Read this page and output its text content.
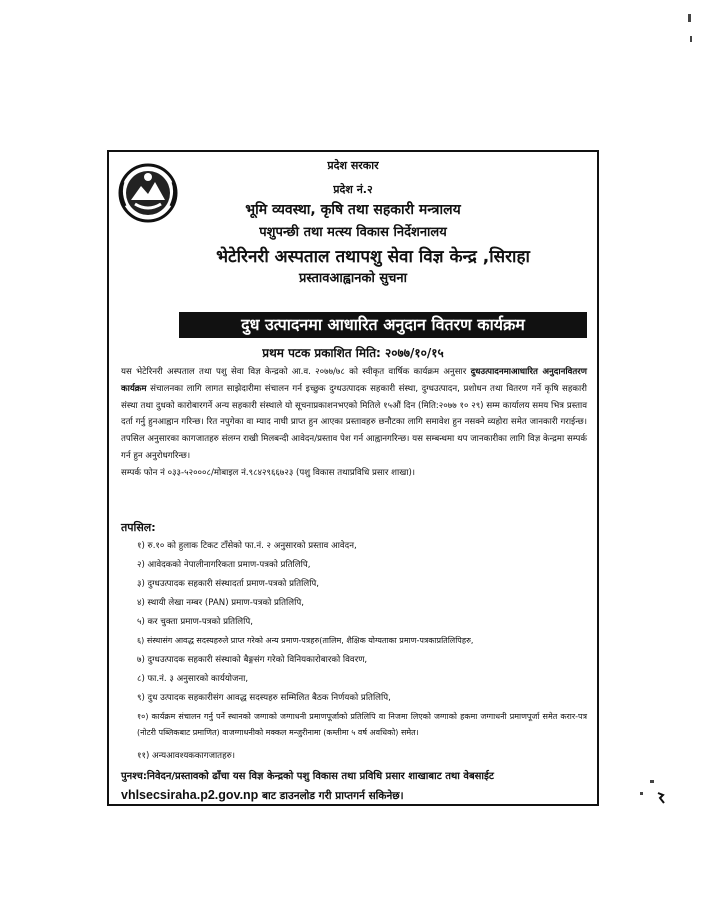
प्रदेश सरकार
प्रदेश नं.२
भूमि व्यवस्था, कृषि तथा सहकारी मन्त्रालय
पशुपन्छी तथा मत्स्य विकास निर्देशनालय
भेटेरिनरी अस्पताल तथापशु सेवा विज्ञ केन्द्र ,सिराहा
प्रस्तावआह्वानको सुचना
दुध उत्पादनमा आधारित अनुदान वितरण कार्यक्रम
प्रथम पटक प्रकाशित मिति: २०७७/१०/१५
यस भेटेरिनरी अस्पताल तथा पशु सेवा विज्ञ केन्द्रको आ.व. २०७७/७८ को स्वीकृत वार्षिक कार्यक्रम अनुसार दुधउत्पादनमाआधारित अनुदानवितरण कार्यक्रम संचालनका लागि लागत साझेदारीमा संचालन गर्न इच्छुक दुग्धउत्पादक सहकारी संस्था, दुग्धउत्पादन, प्रशोधन तथा वितरण गर्ने कृषि सहकारी संस्था तथा दुधको कारोबारगर्ने अन्य सहकारी संस्थाले यो सूचनाप्रकाशनभएको मितिले १५औं दिन (मिति:२०७७ १० २९) सम्म कार्यालय समय भित्र प्रस्ताव दर्ता गर्नु हुनआह्वान गरिन्छ। रित नपुगेका वा म्याद नाघी प्राप्त हुन आएका प्रस्तावहरु छनौटका लागि समावेश हुन नसक्ने व्यहोरा समेत जानकारी गराईन्छ। तपसिल अनुसारका कागजातहरु संलग्न राखी मिलबन्दी आवेदन/प्रस्ताव पेश गर्न आह्वानगरिन्छ। यस सम्बन्धमा थप जानकारीका लागि विज्ञ केन्द्रमा सम्पर्क गर्न हुन अनुरोधगरिन्छ।
सम्पर्क फोन नं ०३३-५२०००८/मोबाइल नं.९८४२९६६७२३ (पशु विकास तथाप्रविधि प्रसार शाखा)।
तपसिल:
१) रु.१० को हुलाक टिकट टाँसेको फा.नं. २ अनुसारको प्रस्ताव आवेदन,
२) आवेदकको नेपालीनागरिकता प्रमाण-पत्रको प्रतिलिपि,
३) दुग्धउत्पादक सहकारी संस्थादर्ता प्रमाण-पत्रको प्रतिलिपि,
४) स्थायी लेखा नम्बर (PAN) प्रमाण-पत्रको प्रतिलिपि,
५) कर चुक्ता प्रमाण-पत्रको प्रतिलिपि,
६) संस्थासंग आवद्ध सदस्यहरुले प्राप्त गरेको अन्य प्रमाण-पत्रहरु(तालिम, शैक्षिक योग्यताका प्रमाण-पत्रकाप्रतिलिपिहरु,
७) दुग्धउत्पादक सहकारी संस्थाको बैङ्गसंग गरेको विनियकारोबारको विवरण,
८) फा.नं. ३ अनुसारको कार्ययोजना,
९) दुध उत्पादक सहकारीसंग आवद्ध सदस्यहरु सम्मिलित बैठक निर्णयको प्रतिलिपि,
१०) कार्यक्रम संचालन गर्नु पर्ने स्थानको जग्गाको जग्गाधनी प्रमाणपूर्जाको प्रतिलिपि वा निजमा लिएको जग्गाको हकमा जग्गाधनी प्रमाणपूर्जा समेत करार-पत्र (नोटरी पब्लिकबाट प्रमाणित) वाजग्गाधनीको मक्कल मन्जुरीनामा (कम्तीमा ५ वर्ष अवधिको) समेत।
११) अन्यआवश्यककागजातहरु।
पुनश्च:निवेदन/प्रस्तावको ढाँचा यस विज्ञ केन्द्रको पशु विकास तथा प्रविधि प्रसार शाखाबाट तथा वेबसाईट
vhlsecsiraha.p2.gov.np बाट डाउनलोड गरी प्राप्तगर्न सकिनेछ।
